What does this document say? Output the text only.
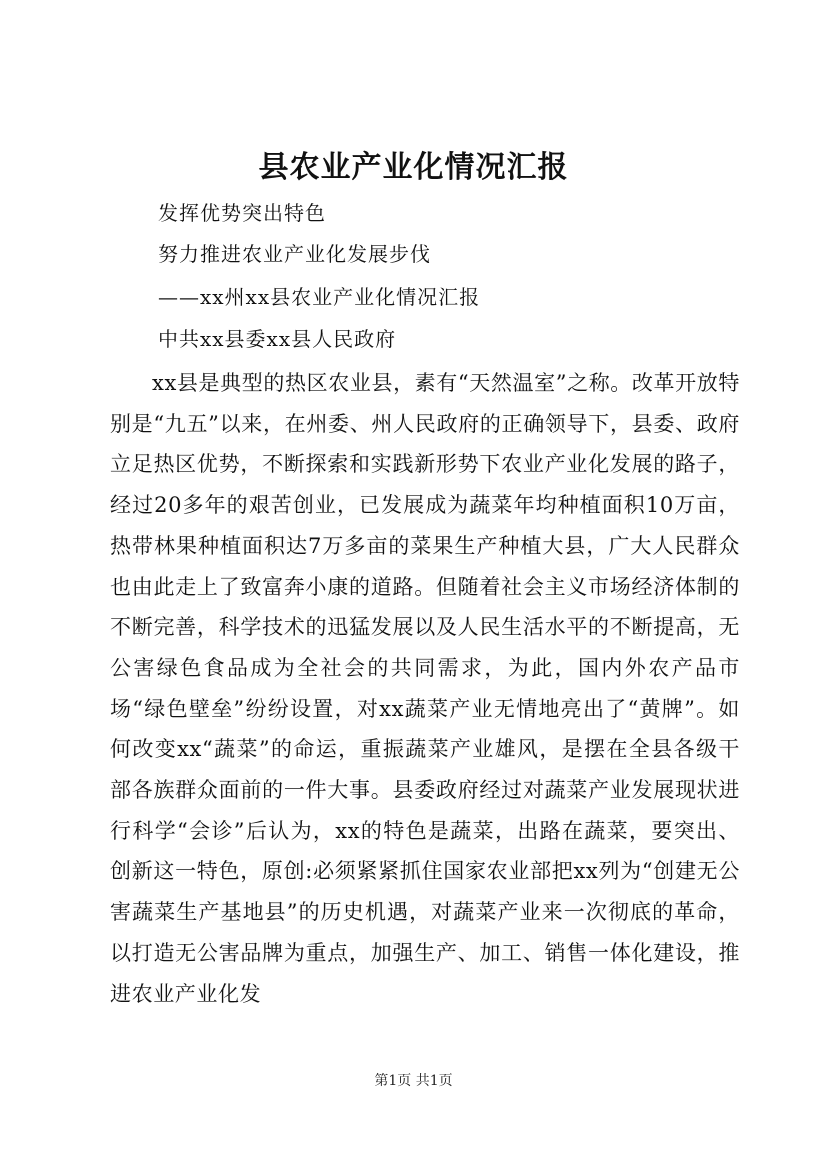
县农业产业化情况汇报
发挥优势突出特色
努力推进农业产业化发展步伐
——xx州xx县农业产业化情况汇报
中共xx县委xx县人民政府

xx县是典型的热区农业县，素有“天然温室”之称。改革开放特别是“九五”以来，在州委、州人民政府的正确领导下，县委、政府立足热区优势，不断探索和实践新形势下农业产业化发展的路子，经过20多年的艰苦创业，已发展成为蔬菜年均种植面积10万亩，热带林果种植面积达7万多亩的菜果生产种植大县，广大人民群众也由此走上了致富奔小康的道路。但随着社会主义市场经济体制的不断完善，科学技术的迅猛发展以及人民生活水平的不断提高，无公害绿色食品成为全社会的共同需求，为此，国内外农产品市场“绿色壁垒”纷纷设置，对xx蔬菜产业无情地亮出了“黄牌”。如何改变xx“蔬菜”的命运，重振蔬菜产业雄风，是摆在全县各级干部各族群众面前的一件大事。县委政府经过对蔬菜产业发展现状进行科学“会诊”后认为，xx的特色是蔬菜，出路在蔬菜，要突出、创新这一特色，原创:必须紧紧抓住国家农业部把xx列为“创建无公害蔬菜生产基地县”的历史机遇，对蔬菜产业来一次彻底的革命，以打造无公害品牌为重点，加强生产、加工、销售一体化建设，推进农业产业化发

第1页 共1页
